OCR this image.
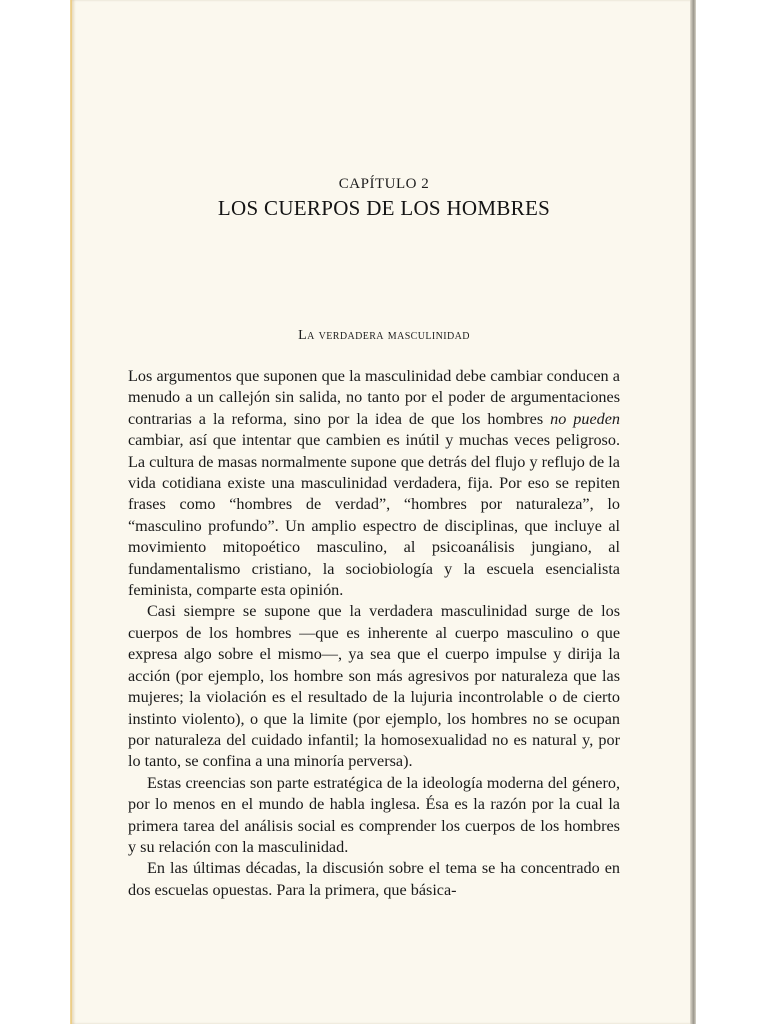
CAPÍTULO 2
LOS CUERPOS DE LOS HOMBRES
La verdadera masculinidad

Los argumentos que suponen que la masculinidad debe cambiar conducen a menudo a un callejón sin salida, no tanto por el poder de argumentaciones contrarias a la reforma, sino por la idea de que los hombres no pueden cambiar, así que intentar que cambien es inútil y muchas veces peligroso. La cultura de masas normalmente supone que detrás del flujo y reflujo de la vida cotidiana existe una masculinidad verdadera, fija. Por eso se repiten frases como “hombres de verdad”, “hombres por naturaleza”, lo “masculino profundo”. Un amplio espectro de disciplinas, que incluye al movimiento mitopoético masculino, al psicoanálisis jungiano, al fundamentalismo cristiano, la sociobiología y la escuela esencialista feminista, comparte esta opinión.

Casi siempre se supone que la verdadera masculinidad surge de los cuerpos de los hombres —que es inherente al cuerpo masculino o que expresa algo sobre el mismo—, ya sea que el cuerpo impulse y dirija la acción (por ejemplo, los hombre son más agresivos por naturaleza que las mujeres; la violación es el resultado de la lujuria incontrolable o de cierto instinto violento), o que la limite (por ejemplo, los hombres no se ocupan por naturaleza del cuidado infantil; la homosexualidad no es natural y, por lo tanto, se confina a una minoría perversa).

Estas creencias son parte estratégica de la ideología moderna del género, por lo menos en el mundo de habla inglesa. Ésa es la razón por la cual la primera tarea del análisis social es comprender los cuerpos de los hombres y su relación con la masculinidad.

En las últimas décadas, la discusión sobre el tema se ha concentrado en dos escuelas opuestas. Para la primera, que básica-
